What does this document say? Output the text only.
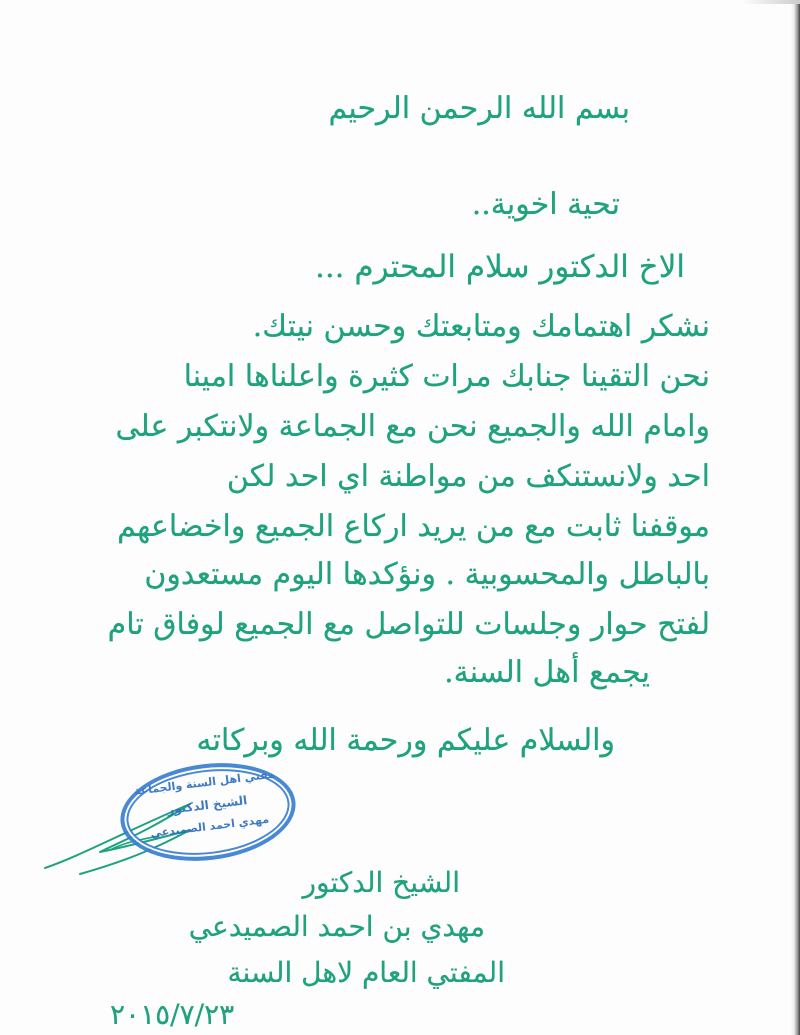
بسم الله الرحمن الرحيم
تحية اخوية..
الاخ الدكتور سلام المحترم ...
نشكر اهتمامك ومتابعتك وحسن نيتك.
نحن التقينا جنابك مرات كثيرة واعلناها امينا
وامام الله والجميع نحن مع الجماعة ولانتكبر على
احد ولانستنكف من مواطنة اي احد لكن
موقفنا ثابت مع من يريد اركاع الجميع واخضاعهم
بالباطل والمحسوبية . ونؤكدها اليوم مستعدون
لفتح حوار وجلسات للتواصل مع الجميع لوفاق تام
يجمع أهل السنة.
والسلام عليكم ورحمة الله وبركاته
مفتي اهل السنة والجماعة
الشيخ الدكتور
مهدي احمد الصميدعي
الشيخ الدكتور
مهدي بن احمد الصميدعي
المفتي العام لاهل السنة
٢٠١٥/٧/٢٣
